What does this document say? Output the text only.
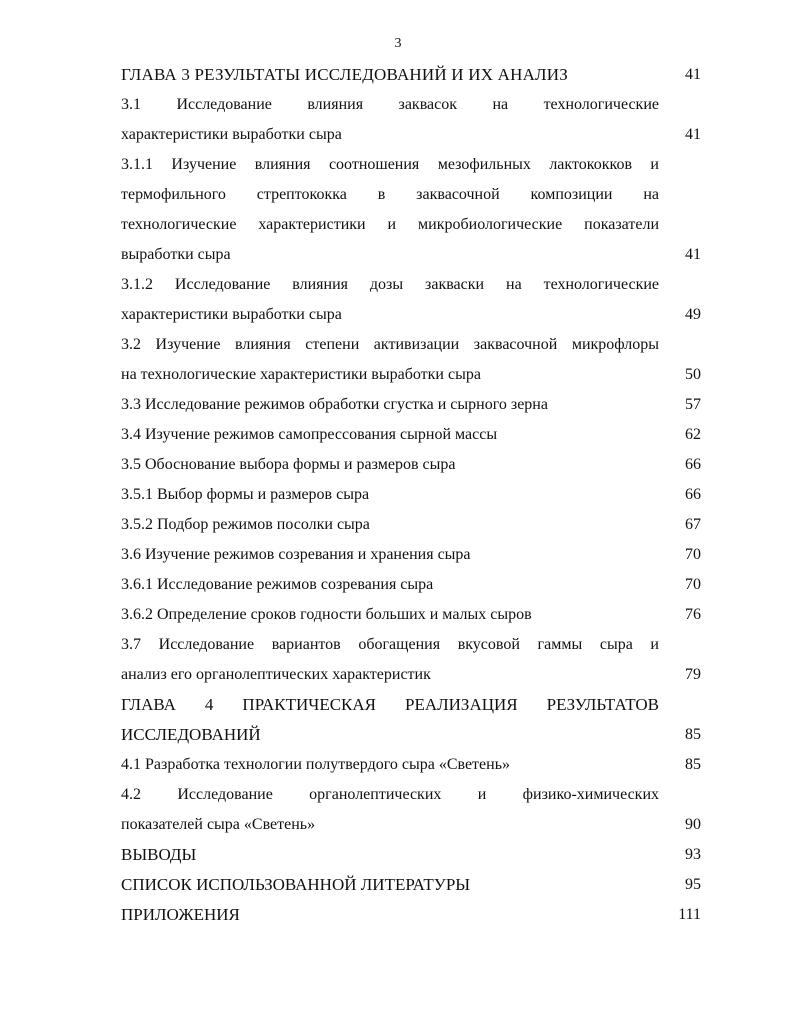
3
ГЛАВА 3 РЕЗУЛЬТАТЫ ИССЛЕДОВАНИЙ И ИХ АНАЛИЗ	41
3.1 Исследование влияния заквасок на технологические
характеристики выработки сыра	41
3.1.1 Изучение влияния соотношения мезофильных лактококков и
термофильного стрептококка в заквасочной композиции на
технологические характеристики и микробиологические показатели
выработки сыра	41
3.1.2 Исследование влияния дозы закваски на технологические
характеристики выработки сыра	49
3.2 Изучение влияния степени активизации заквасочной микрофлоры
на технологические характеристики выработки сыра	50
3.3 Исследование режимов обработки сгустка и сырного зерна	57
3.4 Изучение режимов самопрессования сырной массы	62
3.5 Обоснование выбора формы и размеров сыра	66
3.5.1 Выбор формы и размеров сыра	66
3.5.2 Подбор режимов посолки сыра	67
3.6 Изучение режимов созревания и хранения сыра	70
3.6.1 Исследование режимов созревания сыра	70
3.6.2 Определение сроков годности больших и малых сыров	76
3.7 Исследование вариантов обогащения вкусовой гаммы сыра и
анализ его органолептических характеристик	79
ГЛАВА 4 ПРАКТИЧЕСКАЯ РЕАЛИЗАЦИЯ РЕЗУЛЬТАТОВ
ИССЛЕДОВАНИЙ	85
4.1 Разработка технологии полутвердого сыра «Светень»	85
4.2 Исследование органолептических и физико-химических
показателей сыра «Светень»	90
ВЫВОДЫ	93
СПИСОК ИСПОЛЬЗОВАННОЙ ЛИТЕРАТУРЫ	95
ПРИЛОЖЕНИЯ	111
